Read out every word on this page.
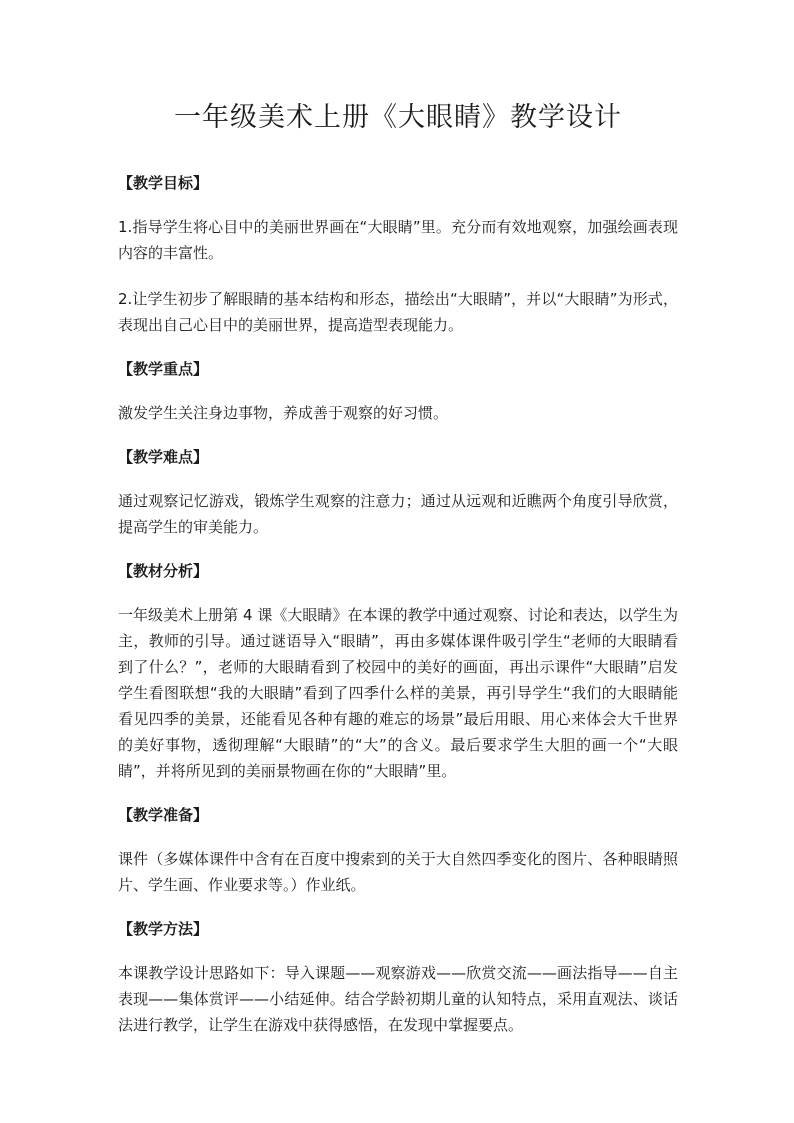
一年级美术上册《大眼睛》教学设计
【教学目标】

1.指导学生将心目中的美丽世界画在“大眼睛”里。充分而有效地观察，加强绘画表现内容的丰富性。

2.让学生初步了解眼睛的基本结构和形态，描绘出“大眼睛”，并以“大眼睛”为形式，表现出自己心目中的美丽世界，提高造型表现能力。

【教学重点】

激发学生关注身边事物，养成善于观察的好习惯。

【教学难点】

通过观察记忆游戏，锻炼学生观察的注意力；通过从远观和近瞧两个角度引导欣赏，提高学生的审美能力。

【教材分析】

一年级美术上册第 4 课《大眼睛》在本课的教学中通过观察、讨论和表达，以学生为主，教师的引导。通过谜语导入“眼睛”，再由多媒体课件吸引学生“老师的大眼睛看到了什么？”，老师的大眼睛看到了校园中的美好的画面，再出示课件“大眼睛”启发学生看图联想“我的大眼睛”看到了四季什么样的美景，再引导学生“我们的大眼睛能看见四季的美景，还能看见各种有趣的难忘的场景”最后用眼、用心来体会大千世界的美好事物，透彻理解“大眼睛”的“大”的含义。最后要求学生大胆的画一个“大眼睛”，并将所见到的美丽景物画在你的“大眼睛”里。

【教学准备】

课件（多媒体课件中含有在百度中搜索到的关于大自然四季变化的图片、各种眼睛照片、学生画、作业要求等。）作业纸。

【教学方法】

本课教学设计思路如下：导入课题——观察游戏——欣赏交流——画法指导——自主表现——集体赏评——小结延伸。结合学龄初期儿童的认知特点，采用直观法、谈话法进行教学，让学生在游戏中获得感悟，在发现中掌握要点。
